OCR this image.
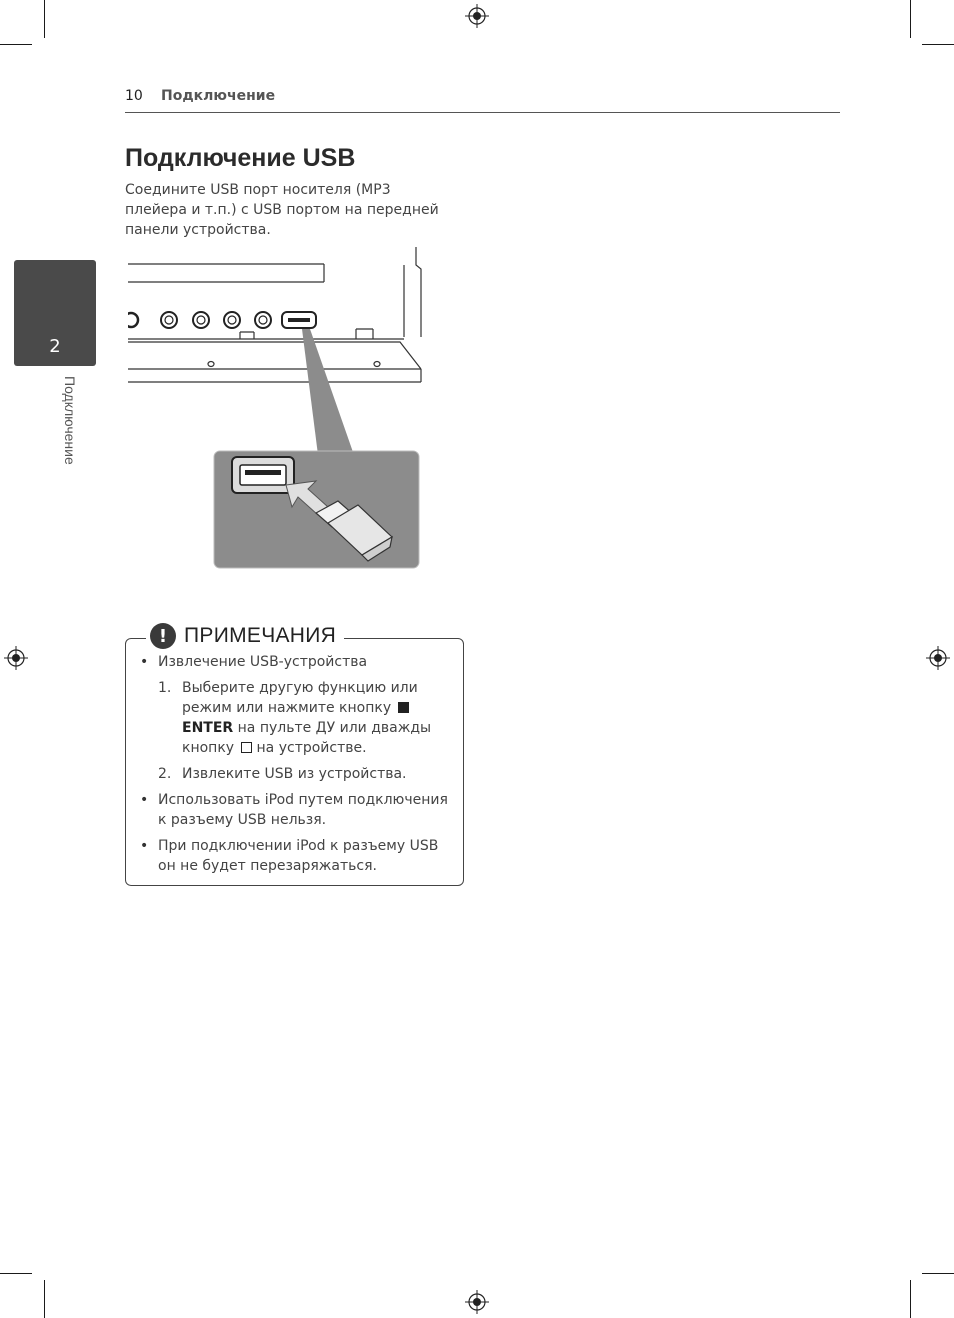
10 Подключение
2
Подключение
Подключение USB
Соедините USB порт носителя (MP3 плейера и т.п.) с USB портом на передней панели устройства.
! ПРИМЕЧАНИЯ
• Извлечение USB-устройства
1. Выберите другую функцию или режим или нажмите кнопку ENTER на пульте ДУ или дважды кнопку на устройстве.
2. Извлеките USB из устройства.
• Использовать iPod путем подключения к разъему USB нельзя.
• При подключении iPod к разъему USB он не будет перезаряжаться.
